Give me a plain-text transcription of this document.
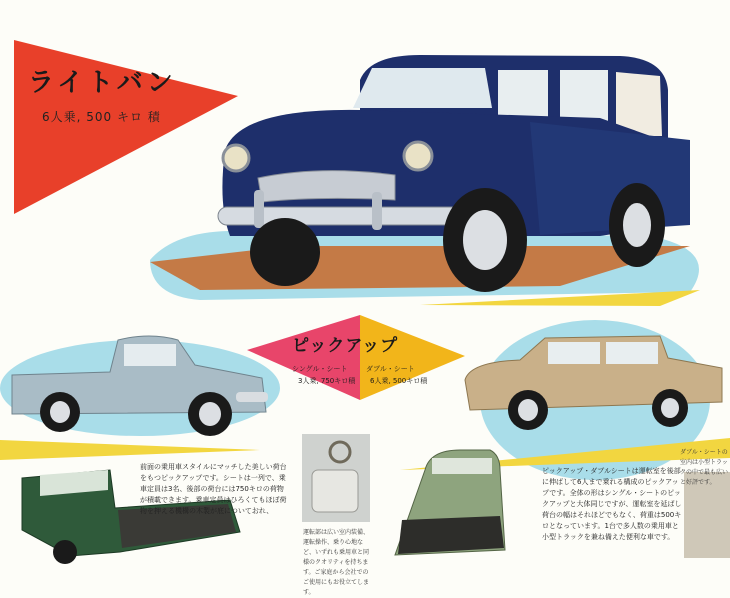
ライトバン
6人乗, 500 キロ 積
ピックアップ
シングル・シート
3人乗, 750キロ積
ダブル・シート
6人乗, 500キロ積
前面の乗用車スタイルにマッチした美しい荷台をもつピックアップです。シートは一列で、乗車定員は3名、後部の荷台には750キロの荷物が積載できます。乗車定員はひろくてもほぼ荷物を押える機構の木製が底についておれ、
運転部は広い室内装備、運転操作、乗り心地など、いずれも乗用車と同様のクオリティを持ちます。ご家庭から会社でのご使用にもお役立てします。
ピックアップ・ダブルシートは運転室を後部に伸ばして6人まで乗れる構成のピックアップです。全体の形はシングル・シートのピックアップと大体同じですが、運転室を延ばし荷台の幅はそれほどでもなく、荷重は500キロとなっています。1台で多人数の乗用車と小型トラックを兼ね備えた便利な車です。
ダブル・シートの室内は小型トラックの中で最も広いと好評です。
